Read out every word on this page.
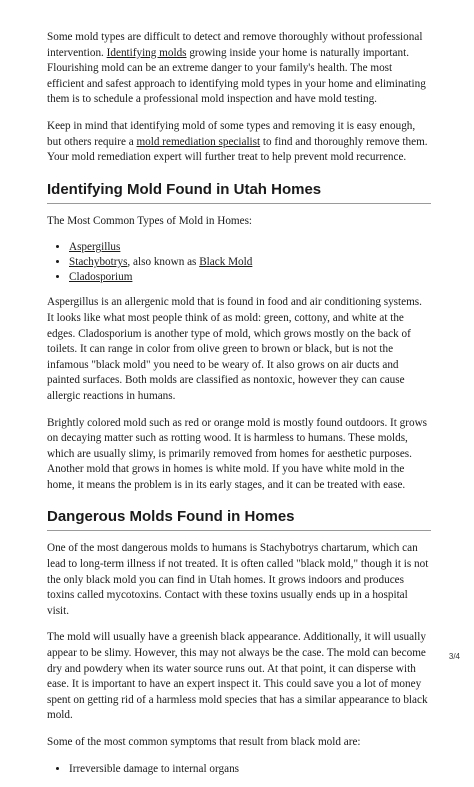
Some mold types are difficult to detect and remove thoroughly without professional intervention. Identifying molds growing inside your home is naturally important. Flourishing mold can be an extreme danger to your family's health. The most efficient and safest approach to identifying mold types in your home and eliminating them is to schedule a professional mold inspection and have mold testing.

Keep in mind that identifying mold of some types and removing it is easy enough, but others require a mold remediation specialist to find and thoroughly remove them. Your mold remediation expert will further treat to help prevent mold recurrence.

Identifying Mold Found in Utah Homes

The Most Common Types of Mold in Homes:

• Aspergillus
• Stachybotrys, also known as Black Mold
• Cladosporium

Aspergillus is an allergenic mold that is found in food and air conditioning systems. It looks like what most people think of as mold: green, cottony, and white at the edges. Cladosporium is another type of mold, which grows mostly on the back of toilets. It can range in color from olive green to brown or black, but is not the infamous "black mold" you need to be weary of. It also grows on air ducts and painted surfaces. Both molds are classified as nontoxic, however they can cause allergic reactions in humans.

Brightly colored mold such as red or orange mold is mostly found outdoors. It grows on decaying matter such as rotting wood. It is harmless to humans. These molds, which are usually slimy, is primarily removed from homes for aesthetic purposes. Another mold that grows in homes is white mold. If you have white mold in the home, it means the problem is in its early stages, and it can be treated with ease.

Dangerous Molds Found in Homes

One of the most dangerous molds to humans is Stachybotrys chartarum, which can lead to long-term illness if not treated. It is often called "black mold," though it is not the only black mold you can find in Utah homes. It grows indoors and produces toxins called mycotoxins. Contact with these toxins usually ends up in a hospital visit.

The mold will usually have a greenish black appearance. Additionally, it will usually appear to be slimy. However, this may not always be the case. The mold can become dry and powdery when its water source runs out. At that point, it can disperse with ease. It is important to have an expert inspect it. This could save you a lot of money spent on getting rid of a harmless mold species that has a similar appearance to black mold.

Some of the most common symptoms that result from black mold are:

• Irreversible damage to internal organs
3/4
